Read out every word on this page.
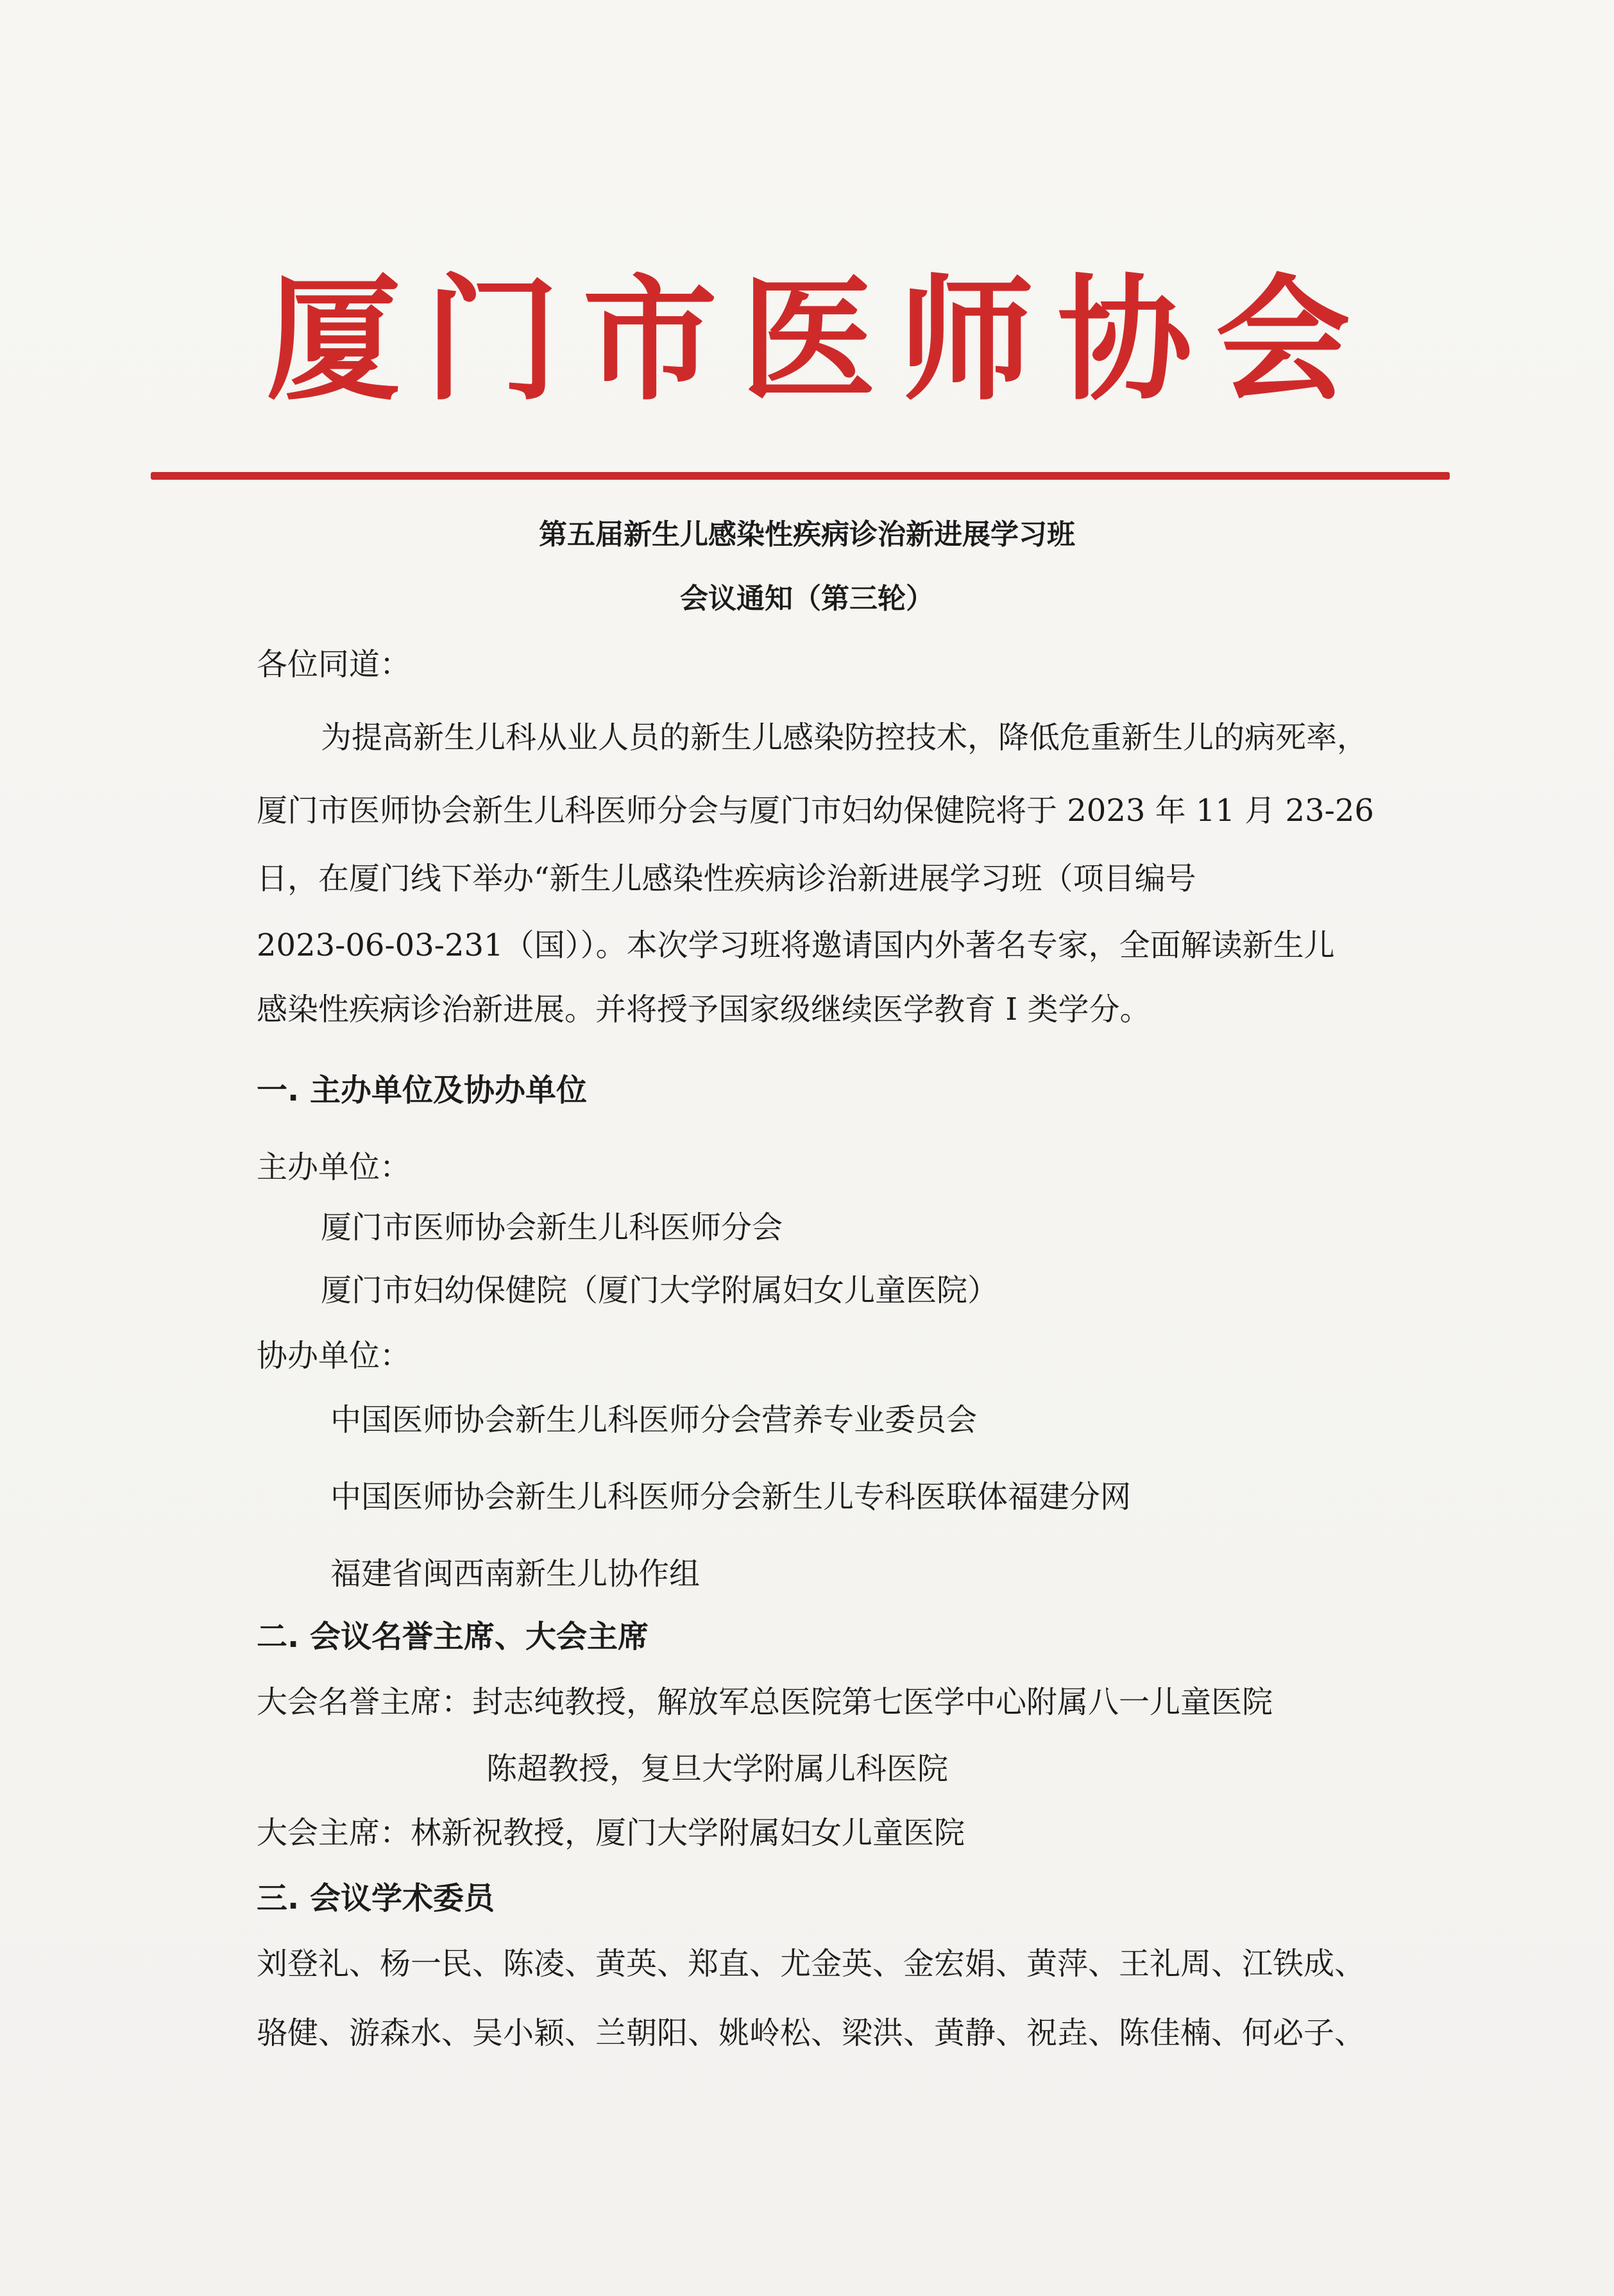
厦 门 市 医 师 协 会
第五届新生儿感染性疾病诊治新进展学习班
会议通知（第三轮）
各位同道：
为提高新生儿科从业人员的新生儿感染防控技术，降低危重新生儿的病死率，
厦门市医师协会新生儿科医师分会与厦门市妇幼保健院将于 2023 年 11 月 23-26
日，在厦门线下举办“新生儿感染性疾病诊治新进展学习班（项目编号
2023-06-03-231（国））。本次学习班将邀请国内外著名专家，全面解读新生儿
感染性疾病诊治新进展。并将授予国家级继续医学教育 I 类学分。
一. 主办单位及协办单位
主办单位：
厦门市医师协会新生儿科医师分会
厦门市妇幼保健院（厦门大学附属妇女儿童医院）
协办单位：
中国医师协会新生儿科医师分会营养专业委员会
中国医师协会新生儿科医师分会新生儿专科医联体福建分网
福建省闽西南新生儿协作组
二. 会议名誉主席、大会主席
大会名誉主席：封志纯教授，解放军总医院第七医学中心附属八一儿童医院
陈超教授，复旦大学附属儿科医院
大会主席：林新祝教授，厦门大学附属妇女儿童医院
三. 会议学术委员
刘登礼、杨一民、陈凌、黄英、郑直、尤金英、金宏娟、黄萍、王礼周、江铁成、
骆健、游森水、吴小颖、兰朝阳、姚岭松、梁洪、黄静、祝垚、陈佳楠、何必子、
